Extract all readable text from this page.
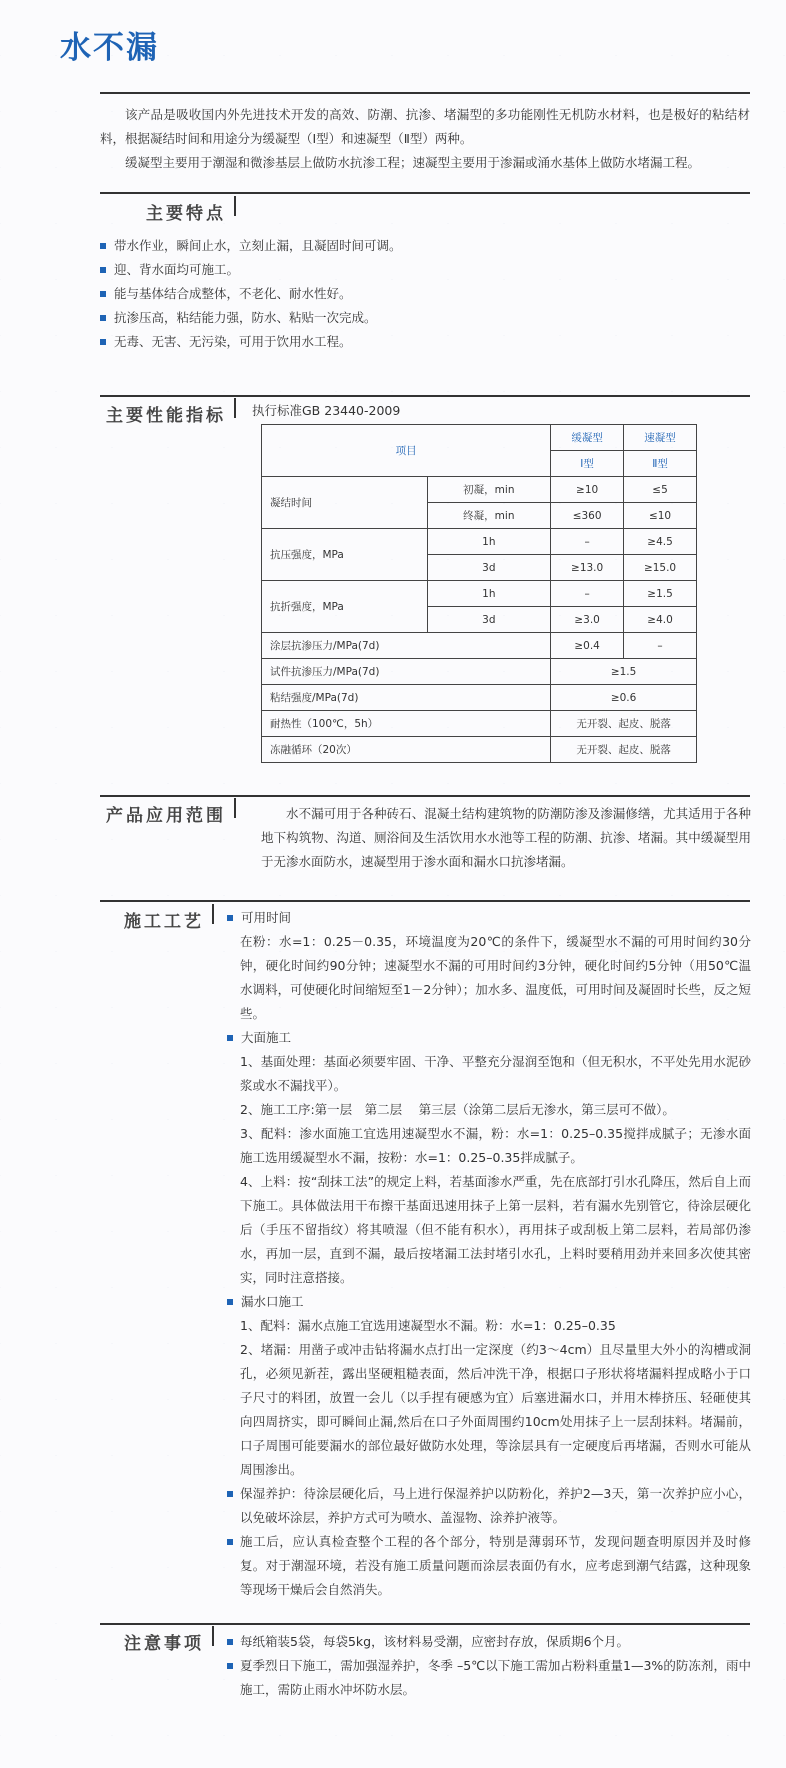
水不漏
该产品是吸收国内外先进技术开发的高效、防潮、抗渗、堵漏型的多功能刚性无机防水材料，也是极好的粘结材料，根据凝结时间和用途分为缓凝型（Ⅰ型）和速凝型（Ⅱ型）两种。
缓凝型主要用于潮湿和微渗基层上做防水抗渗工程；速凝型主要用于渗漏或涌水基体上做防水堵漏工程。
主要特点
带水作业，瞬间止水，立刻止漏，且凝固时间可调。
迎、背水面均可施工。
能与基体结合成整体，不老化、耐水性好。
抗渗压高，粘结能力强，防水、粘贴一次完成。
无毒、无害、无污染，可用于饮用水工程。
主要性能指标 执行标准GB 23440-2009
项目		缓凝型	速凝型
		Ⅰ型	Ⅱ型
凝结时间	初凝，min	≥10	≤5
	终凝，min	≤360	≤10
抗压强度，MPa	1h	–	≥4.5
	3d	≥13.0	≥15.0
抗折强度，MPa	1h	–	≥1.5
	3d	≥3.0	≥4.0
涂层抗渗压力/MPa(7d)		≥0.4	–
试件抗渗压力/MPa(7d)		≥1.5	
粘结强度/MPa(7d)		≥0.6	
耐热性（100℃，5h）		无开裂、起皮、脱落	
冻融循环（20次）		无开裂、起皮、脱落	
产品应用范围	水不漏可用于各种砖石、混凝土结构建筑物的防潮防渗及渗漏修缮，尤其适用于各种地下构筑物、沟道、厕浴间及生活饮用水水池等工程的防潮、抗渗、堵漏。其中缓凝型用于无渗水面防水，速凝型用于渗水面和漏水口抗渗堵漏。
施工工艺	可用时间
在粉：水=1：0.25－0.35，环境温度为20℃的条件下，缓凝型水不漏的可用时间约30分钟，硬化时间约90分钟；速凝型水不漏的可用时间约3分钟，硬化时间约5分钟（用50℃温水调料，可使硬化时间缩短至1－2分钟）；加水多、温度低，可用时间及凝固时长些，反之短些。
大面施工
1、基面处理：基面必须要牢固、干净、平整充分湿润至饱和（但无积水，不平处先用水泥砂浆或水不漏找平）。
2、施工工序:第一层　第二层　 第三层（涂第二层后无渗水，第三层可不做）。
3、配料：渗水面施工宜选用速凝型水不漏，粉：水=1：0.25–0.35搅拌成腻子；无渗水面施工选用缓凝型水不漏，按粉：水=1：0.25–0.35拌成腻子。
4、上料：按“刮抹工法”的规定上料，若基面渗水严重，先在底部打引水孔降压，然后自上而下施工。具体做法用干布擦干基面迅速用抹子上第一层料，若有漏水先别管它，待涂层硬化后（手压不留指纹）将其喷湿（但不能有积水），再用抹子或刮板上第二层料，若局部仍渗水，再加一层，直到不漏，最后按堵漏工法封堵引水孔，上料时要稍用劲并来回多次使其密实，同时注意搭接。
漏水口施工
1、配料：漏水点施工宜选用速凝型水不漏。粉：水=1：0.25–0.35
2、堵漏：用凿子或冲击钻将漏水点打出一定深度（约3～4cm）且尽量里大外小的沟槽或洞孔，必须见新茬，露出坚硬粗糙表面，然后冲洗干净，根据口子形状将堵漏料捏成略小于口子尺寸的料团，放置一会儿（以手捏有硬感为宜）后塞进漏水口，并用木棒挤压、轻砸使其向四周挤实，即可瞬间止漏,然后在口子外面周围约10cm处用抹子上一层刮抹料。堵漏前，口子周围可能要漏水的部位最好做防水处理，等涂层具有一定硬度后再堵漏，否则水可能从周围渗出。
保湿养护：待涂层硬化后，马上进行保湿养护以防粉化，养护2—3天，第一次养护应小心，以免破坏涂层，养护方式可为喷水、盖湿物、涂养护液等。
施工后，应认真检查整个工程的各个部分，特别是薄弱环节，发现问题查明原因并及时修复。对于潮湿环境，若没有施工质量问题而涂层表面仍有水，应考虑到潮气结露，这种现象等现场干燥后会自然消失。
注意事项	每纸箱装5袋，每袋5kg，该材料易受潮，应密封存放，保质期6个月。
夏季烈日下施工，需加强湿养护，冬季 –5℃以下施工需加占粉料重量1—3%的防冻剂，雨中施工，需防止雨水冲坏防水层。
